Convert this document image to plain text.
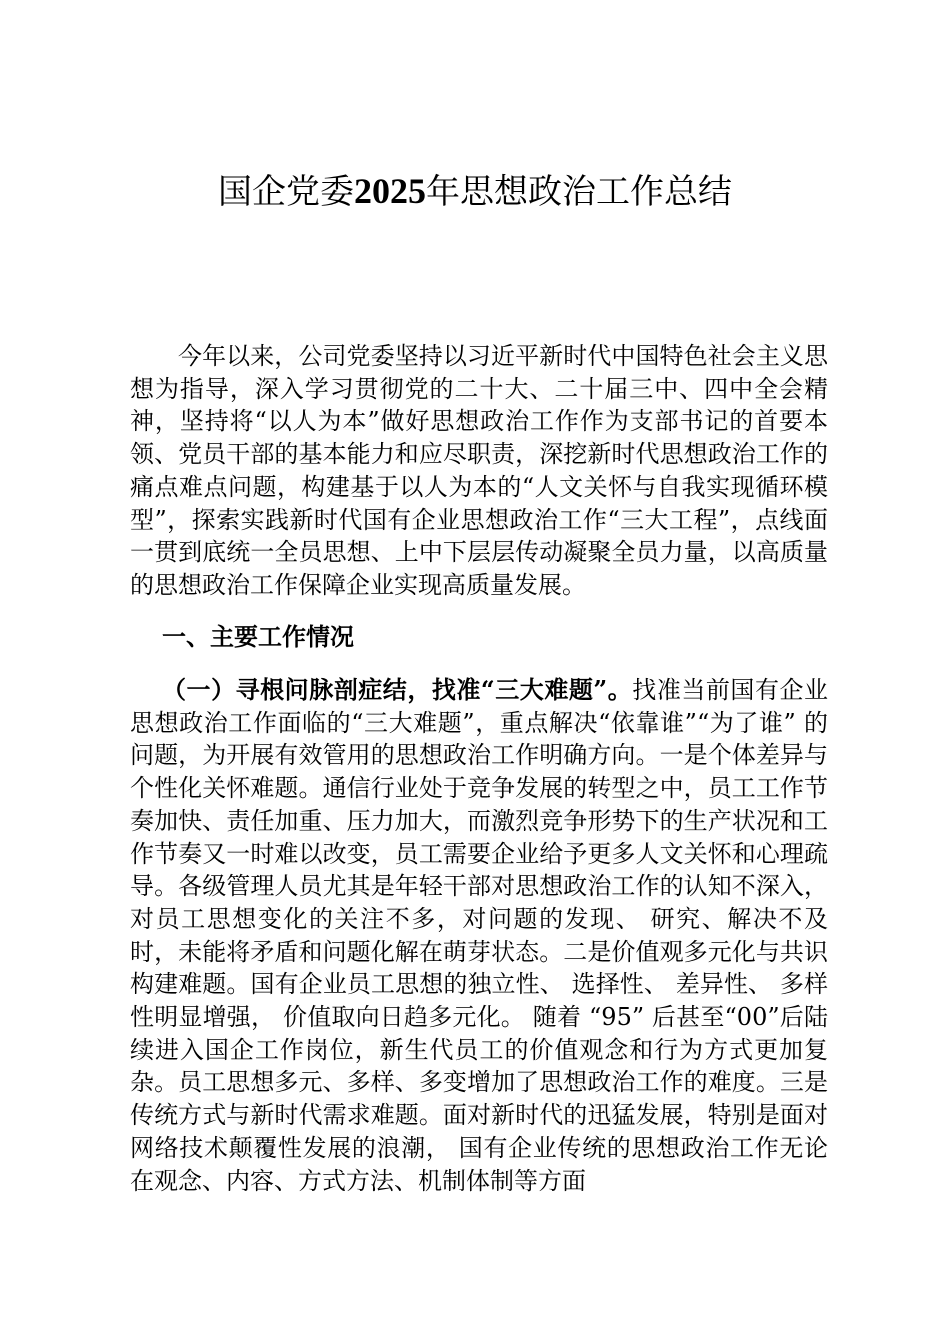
国企党委2025年思想政治工作总结

今年以来，公司党委坚持以习近平新时代中国特色社会主义思想为指导，深入学习贯彻党的二十大、二十届三中、四中全会精神，坚持将“以人为本”做好思想政治工作作为支部书记的首要本领、党员干部的基本能力和应尽职责，深挖新时代思想政治工作的痛点难点问题，构建基于以人为本的“人文关怀与自我实现循环模型”，探索实践新时代国有企业思想政治工作“三大工程”，点线面一贯到底统一全员思想、上中下层层传动凝聚全员力量，以高质量的思想政治工作保障企业实现高质量发展。

一、主要工作情况

（一）寻根问脉剖症结，找准“三大难题”。找准当前国有企业思想政治工作面临的“三大难题”，重点解决“依靠谁”“为了谁” 的问题，为开展有效管用的思想政治工作明确方向。一是个体差异与个性化关怀难题。通信行业处于竞争发展的转型之中，员工工作节奏加快、责任加重、压力加大，而激烈竞争形势下的生产状况和工作节奏又一时难以改变，员工需要企业给予更多人文关怀和心理疏导。各级管理人员尤其是年轻干部对思想政治工作的认知不深入， 对员工思想变化的关注不多，对问题的发现、 研究、解决不及时，未能将矛盾和问题化解在萌芽状态。二是价值观多元化与共识构建难题。国有企业员工思想的独立性、 选择性、 差异性、 多样性明显增强， 价值取向日趋多元化。 随着 “95” 后甚至“00”后陆续进入国企工作岗位，新生代员工的价值观念和行为方式更加复杂。员工思想多元、多样、多变增加了思想政治工作的难度。三是传统方式与新时代需求难题。面对新时代的迅猛发展，特别是面对网络技术颠覆性发展的浪潮， 国有企业传统的思想政治工作无论在观念、内容、方式方法、机制体制等方面
